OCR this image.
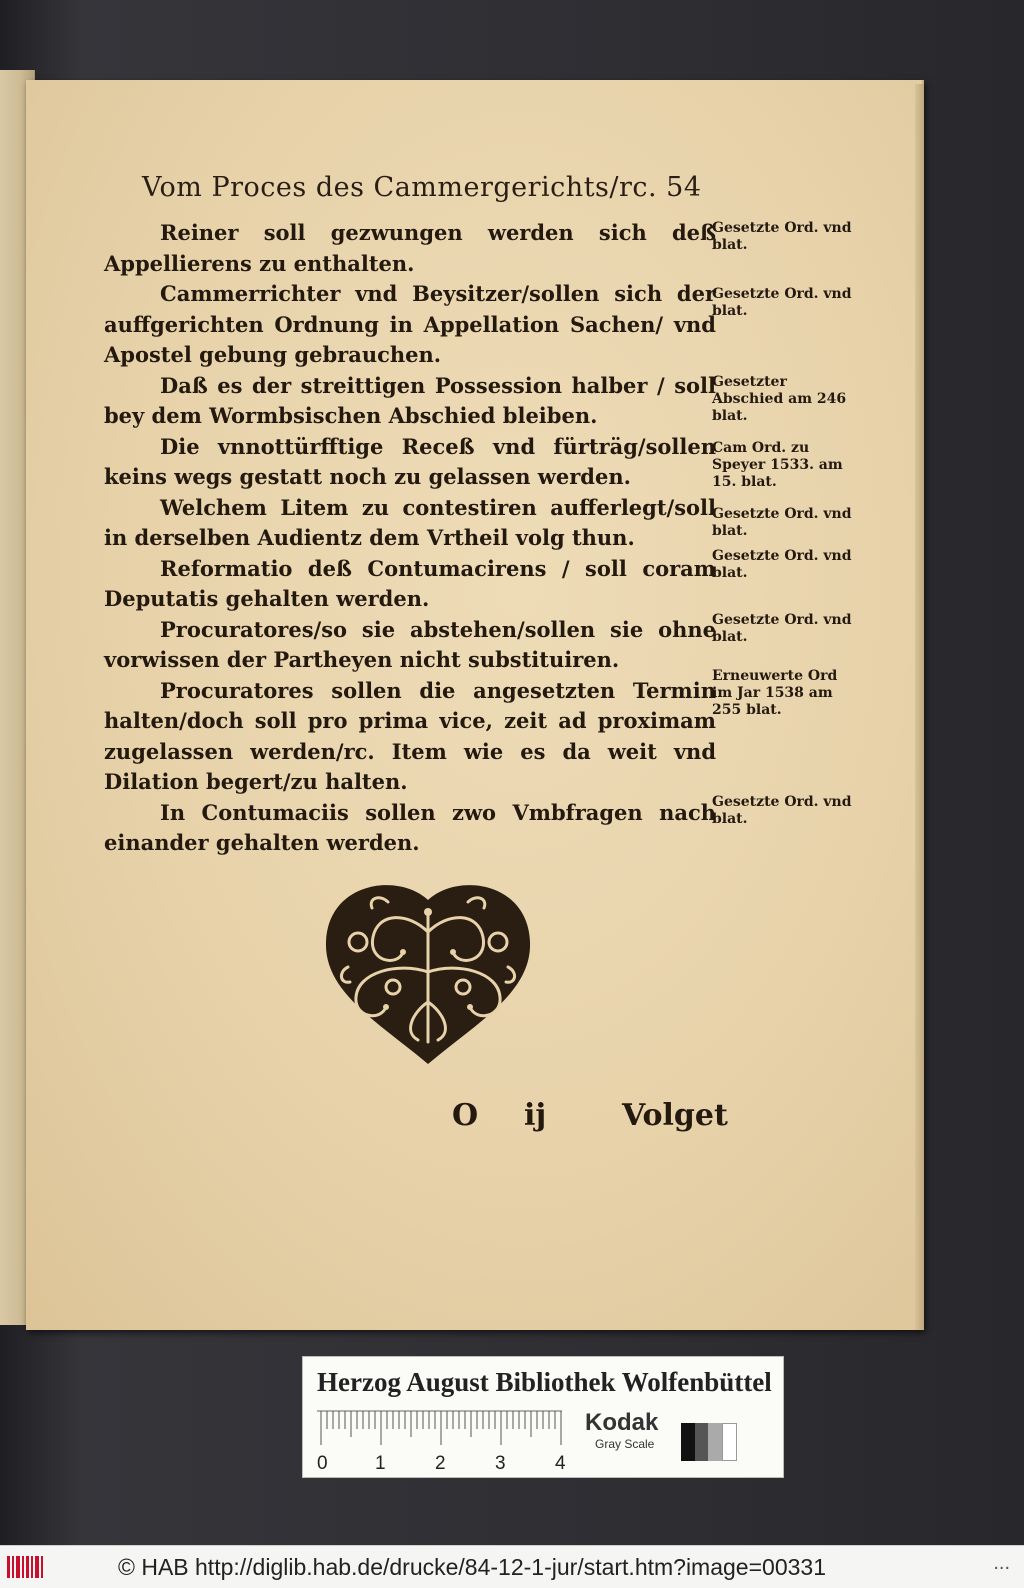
Vom Proces des Cammergerichts/rc. 54

Reiner soll gezwungen werden sich deß Appellierens zu enthalten.

Cammerrichter vnd Beysitzer/sollen sich der auffgerichten Ordnung in Appellation Sachen/ vnd Apostel gebung gebrauchen.

Daß es der streittigen Possession halber / soll bey dem Wormbsischen Abschied bleiben.

Die vnnottürfftige Receß vnd fürträg/sollen keins wegs gestatt noch zu gelassen werden.

Welchem Litem zu contestiren aufferlegt/soll in derselben Audientz dem Vrtheil volg thun.

Reformatio deß Contumacirens / soll coram Deputatis gehalten werden.

Procuratores/so sie abstehen/sollen sie ohne vorwissen der Partheyen nicht substituiren.

Procuratores sollen die angesetzten Termin halten/doch soll pro prima vice, zeit ad proximam zugelassen werden/rc. Item wie es da weit vnd Dilation begert/zu halten.

In Contumaciis sollen zwo Vmbfragen nach einander gehalten werden.

Gesetzte Ord. vnd blat.
Gesetzte Ord. vnd blat.
Gesetzter Abschied am 246 blat.
Cam Ord. zu Speyer 1533. am 15. blat.
Gesetzte Ord. vnd blat.
Gesetzte Ord. vnd blat.
Gesetzte Ord. vnd blat.
Erneuwerte Ord im Jar 1538 am 255 blat.
Gesetzte Ord. vnd blat.
O ij	Volget
Herzog August Bibliothek Wolfenbüttel
0 1	2	3	4
Kodak
Gray Scale
© HAB http://diglib.hab.de/drucke/84-12-1-jur/start.htm?image=00331	...
